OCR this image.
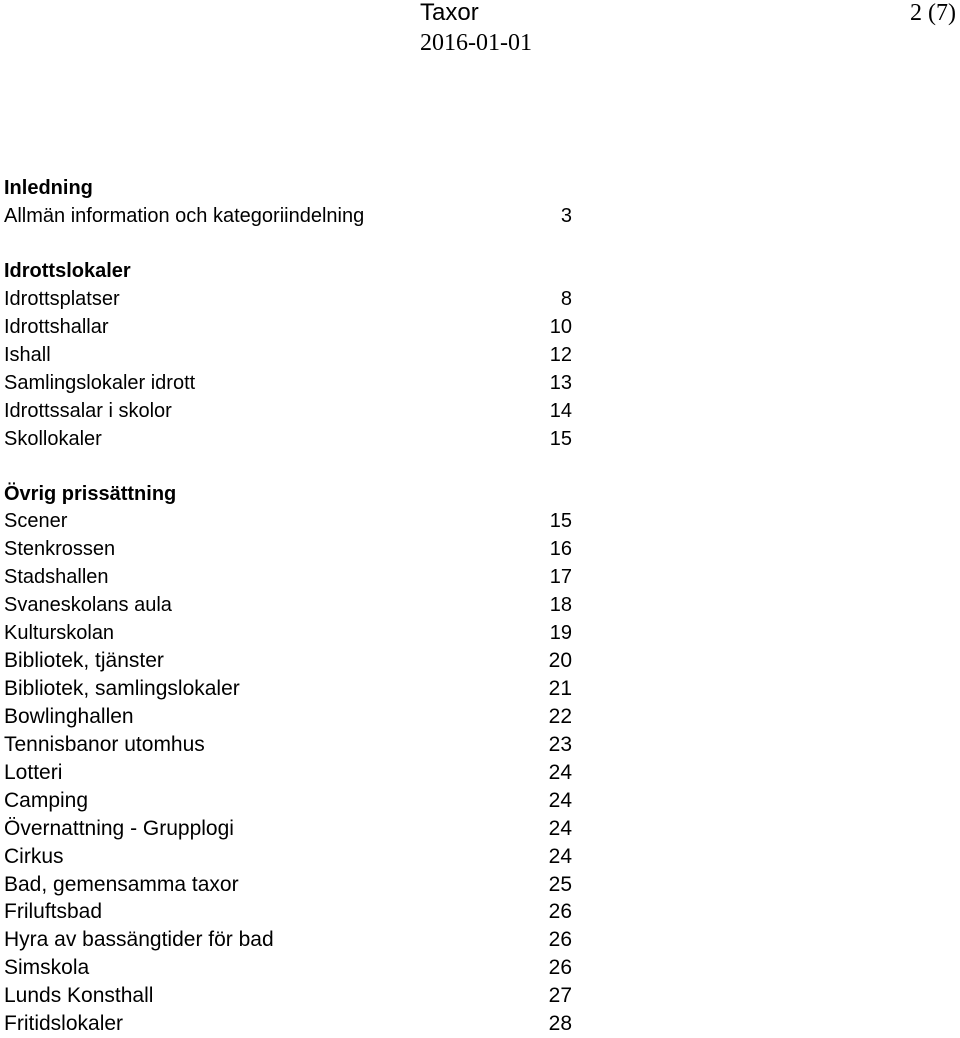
Taxor	2 (7)
2016-01-01
Inledning
Allmän information och kategoriindelning	3
Idrottslokaler
Idrottsplatser	8
Idrottshallar	10
Ishall	12
Samlingslokaler idrott	13
Idrottssalar i skolor	14
Skollokaler	15
Övrig prissättning
Scener	15
Stenkrossen	16
Stadshallen	17
Svaneskolans aula	18
Kulturskolan	19
Bibliotek, tjänster	20
Bibliotek, samlingslokaler	21
Bowlinghallen	22
Tennisbanor utomhus	23
Lotteri	24
Camping	24
Övernattning - Grupplogi	24
Cirkus	24
Bad, gemensamma taxor	25
Friluftsbad	26
Hyra av bassängtider för bad	26
Simskola	26
Lunds Konsthall	27
Fritidslokaler	28
